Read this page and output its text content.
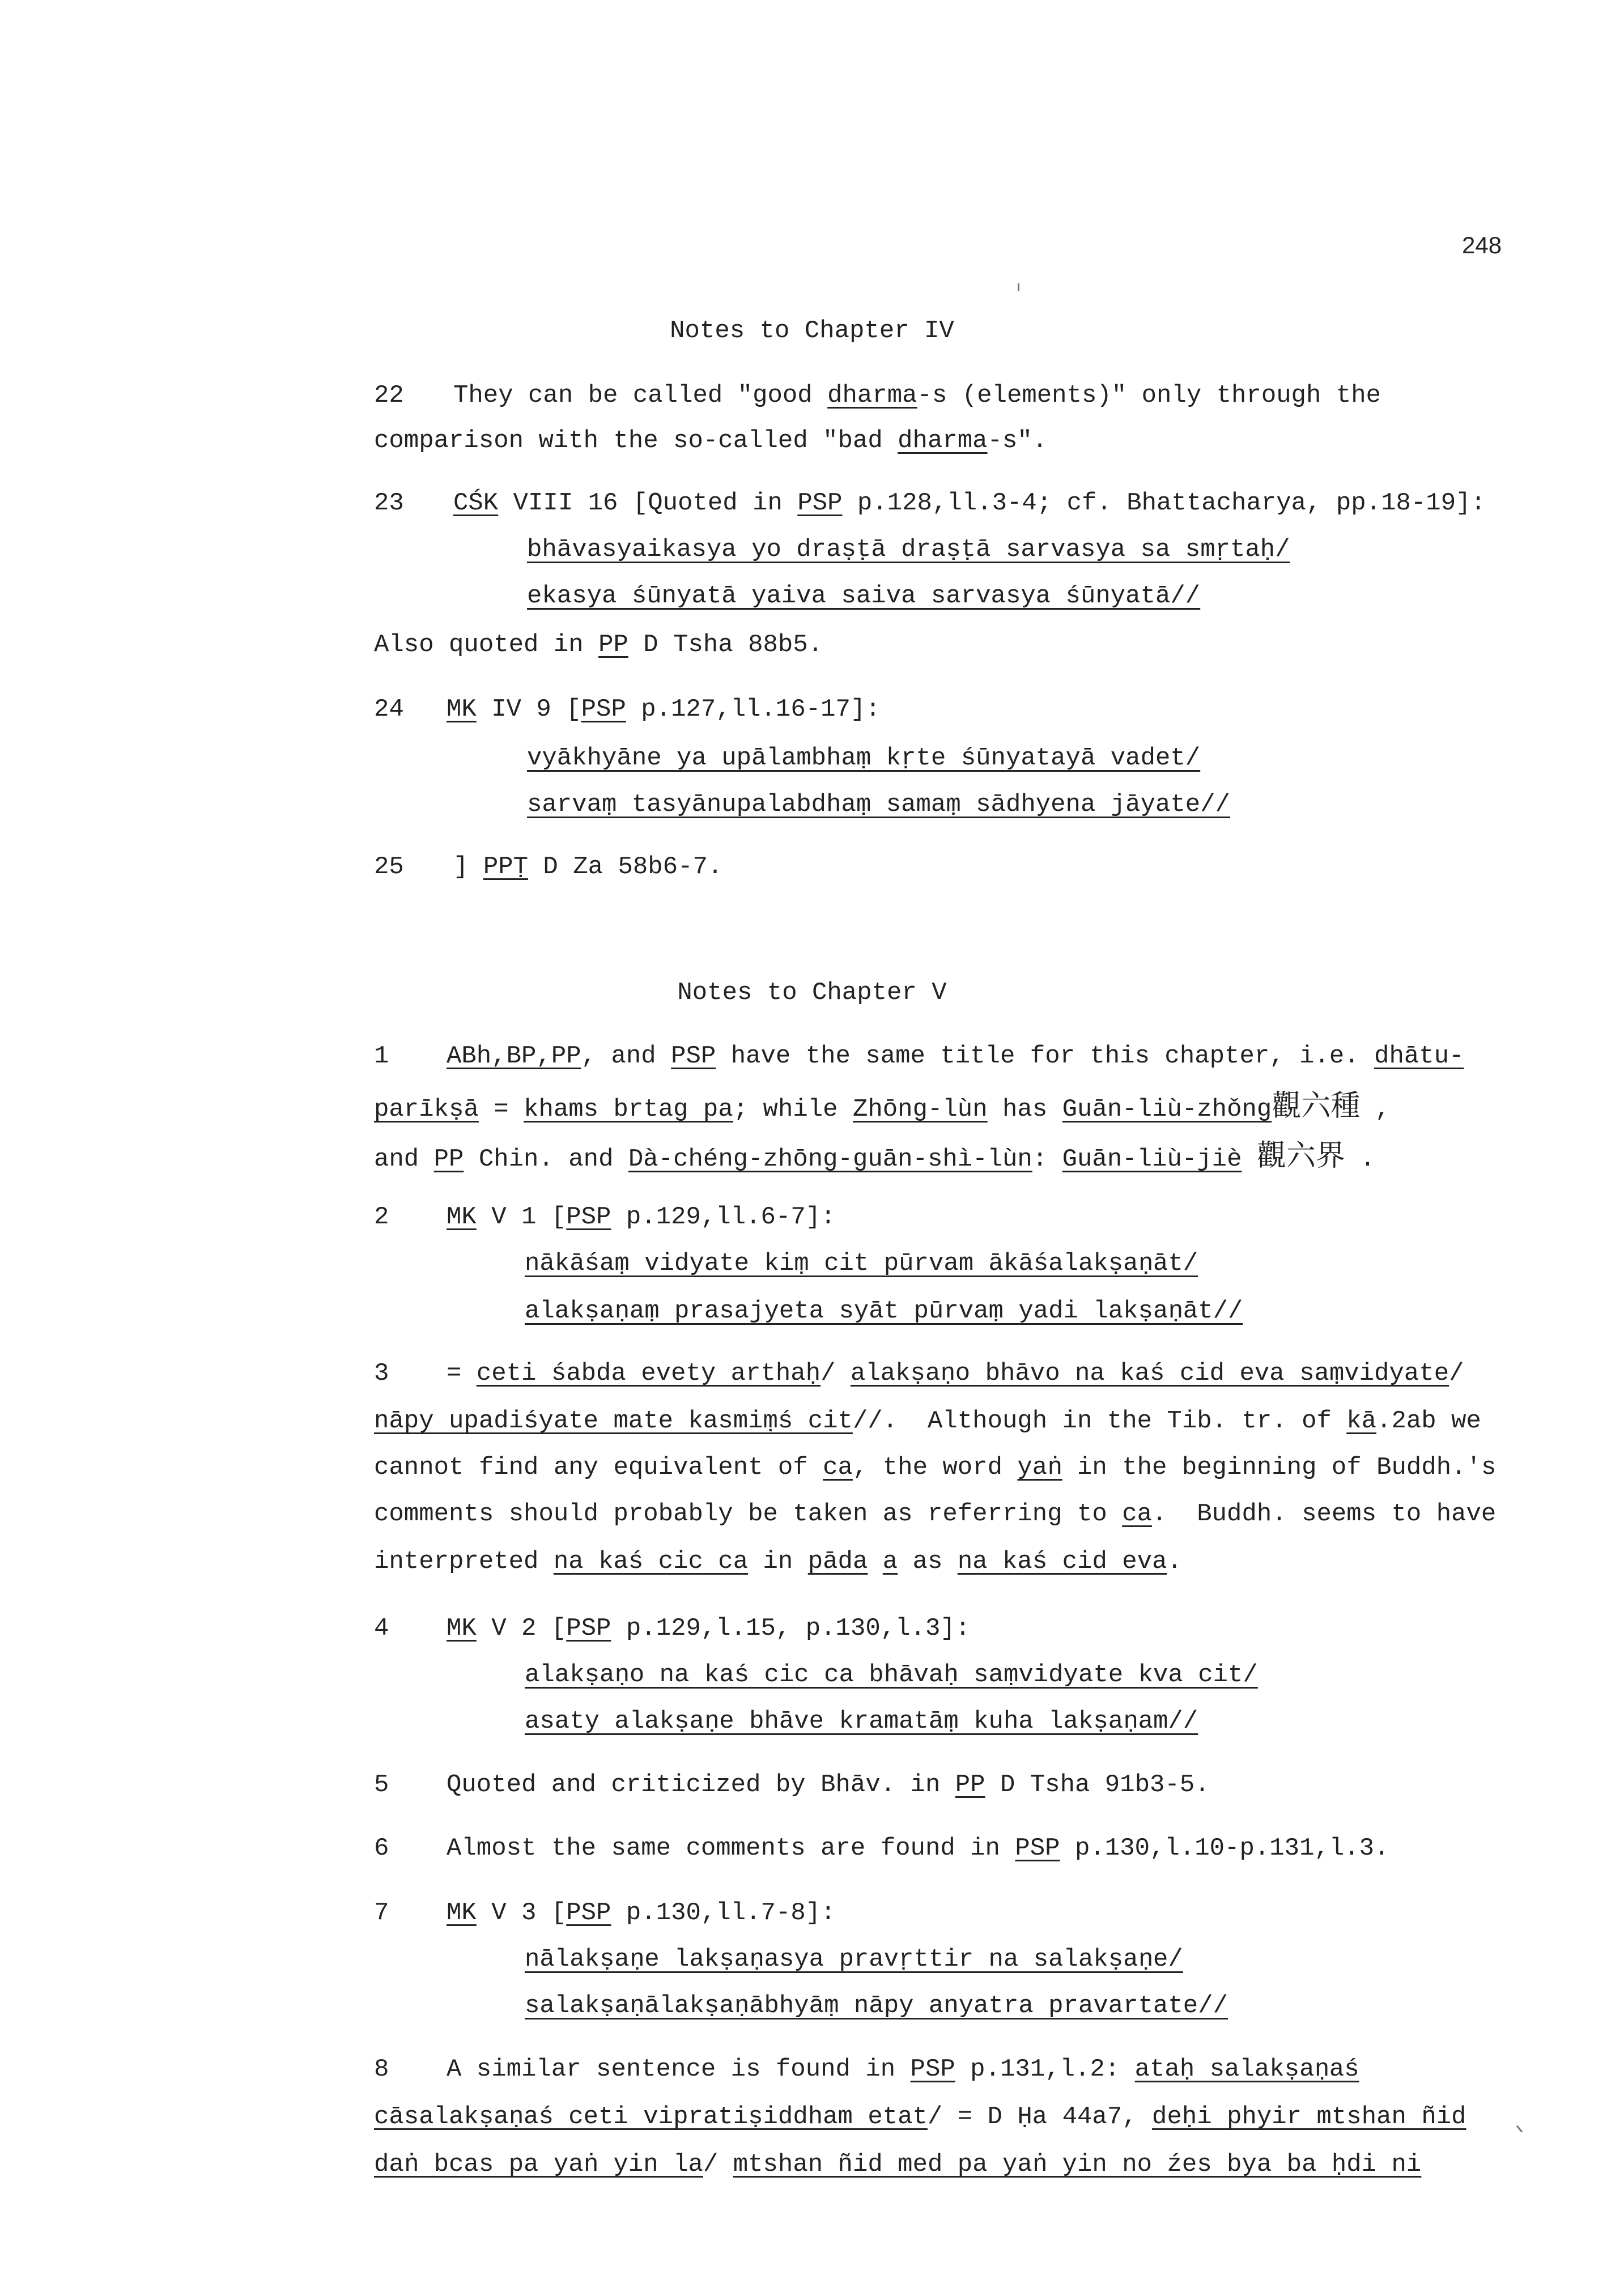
248
Notes to Chapter IV
22 They can be called "good dharma-s (elements)" only through the
comparison with the so-called "bad dharma-s".
23 CŚK VIII 16 [Quoted in PSP p.128,ll.3-4; cf. Bhattacharya, pp.18-19]:
bhāvasyaikasya yo draṣṭā draṣṭā sarvasya sa smṛtaḥ/
ekasya śūnyatā yaiva saiva sarvasya śūnyatā//
Also quoted in PP D Tsha 88b5.
24 MK IV 9 [PSP p.127,ll.16-17]:
vyākhyāne ya upālambhaṃ kṛte śūnyatayā vadet/
sarvaṃ tasyānupalabdhaṃ samaṃ sādhyena jāyate//
25 ] PPṬ D Za 58b6-7.
Notes to Chapter V
1 ABh,BP,PP, and PSP have the same title for this chapter, i.e. dhātu-
parīkṣā = khams brtag pa; while Zhōng-lùn has Guān-liù-zhǒng觀六種 ,
and PP Chin. and Dà-chéng-zhōng-guān-shì-lùn: Guān-liù-jiè 觀六界 .
2 MK V 1 [PSP p.129,ll.6-7]:
nākāśaṃ vidyate kiṃ cit pūrvam ākāśalakṣaṇāt/
alakṣaṇaṃ prasajyeta syāt pūrvaṃ yadi lakṣaṇāt//
3 = ceti śabda evety arthaḥ/ alakṣaṇo bhāvo na kaś cid eva saṃvidyate/
nāpy upadiśyate mate kasmiṃś cit//.  Although in the Tib. tr. of kā.2ab we
cannot find any equivalent of ca, the word yaṅ in the beginning of Buddh.'s
comments should probably be taken as referring to ca.  Buddh. seems to have
interpreted na kaś cic ca in pāda a as na kaś cid eva.
4 MK V 2 [PSP p.129,l.15, p.130,l.3]:
alakṣaṇo na kaś cic ca bhāvaḥ saṃvidyate kva cit/
asaty alakṣaṇe bhāve kramatāṃ kuha lakṣaṇam//
5 Quoted and criticized by Bhāv. in PP D Tsha 91b3-5.
6 Almost the same comments are found in PSP p.130,l.10-p.131,l.3.
7 MK V 3 [PSP p.130,ll.7-8]:
nālakṣaṇe lakṣaṇasya pravṛttir na salakṣaṇe/
salakṣaṇālakṣaṇābhyāṃ nāpy anyatra pravartate//
8 A similar sentence is found in PSP p.131,l.2: ataḥ salakṣaṇaś
cāsalakṣaṇaś ceti vipratiṣiddham etat/ = D Ḥa 44a7, deḥi phyir mtshan ñid
daṅ bcas pa yaṅ yin la/ mtshan ñid med pa yaṅ yin no źes bya ba ḥdi ni
